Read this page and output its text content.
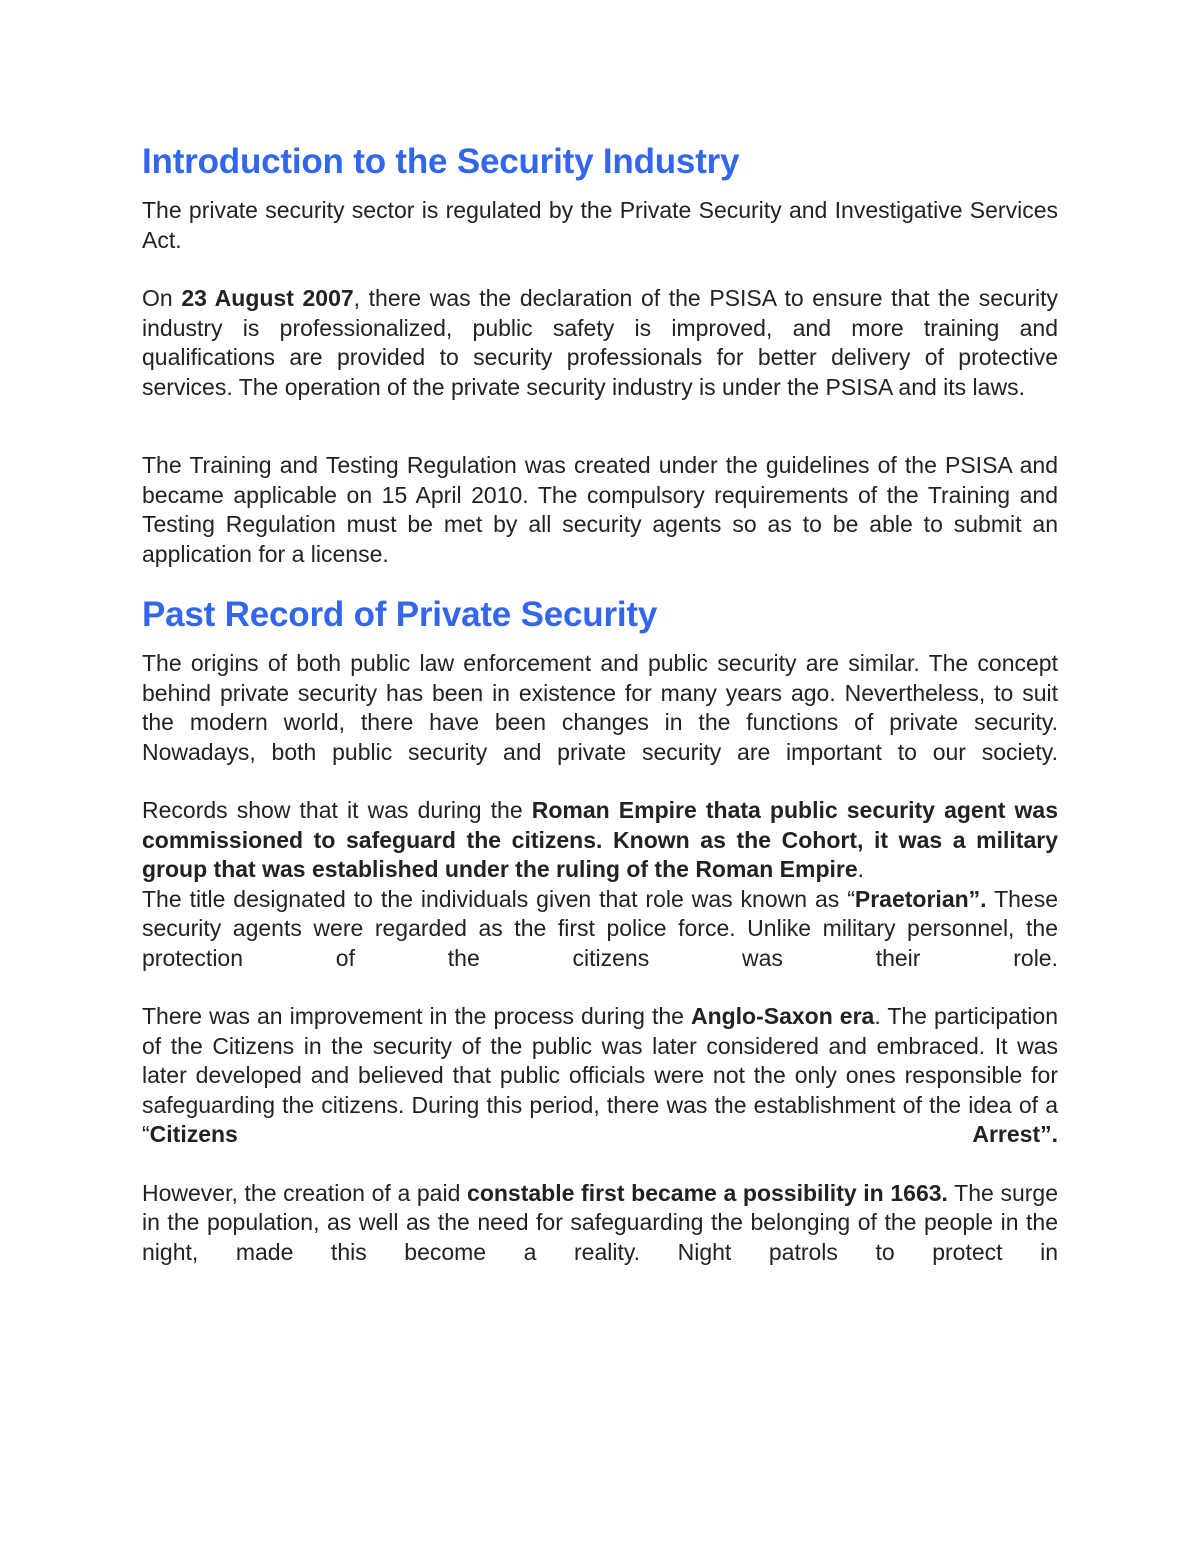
Introduction to the Security Industry

The private security sector is regulated by the Private Security and Investigative Services Act.

On 23 August 2007, there was the declaration of the PSISA to ensure that the security industry is professionalized, public safety is improved, and more training and qualifications are provided to security professionals for better delivery of protective services. The operation of the private security industry is under the PSISA and its laws.

The Training and Testing Regulation was created under the guidelines of the PSISA and became applicable on 15 April 2010. The compulsory requirements of the Training and Testing Regulation must be met by all security agents so as to be able to submit an application for a license.

Past Record of Private Security

The origins of both public law enforcement and public security are similar. The concept behind private security has been in existence for many years ago. Nevertheless, to suit the modern world, there have been changes in the functions of private security. Nowadays, both public security and private security are important to our society.

Records show that it was during the Roman Empire thata public security agent was commissioned to safeguard the citizens. Known as the Cohort, it was a military group that was established under the ruling of the Roman Empire.

The title designated to the individuals given that role was known as “Praetorian”. These security agents were regarded as the first police force. Unlike military personnel, the protection of the citizens was their role.

There was an improvement in the process during the Anglo-Saxon era. The participation of the Citizens in the security of the public was later considered and embraced. It was later developed and believed that public officials were not the only ones responsible for safeguarding the citizens. During this period, there was the establishment of the idea of a “Citizens Arrest”.

However, the creation of a paid constable first became a possibility in 1663. The surge in the population, as well as the need for safeguarding the belonging of the people in the night, made this become a reality. Night patrols to protect in
